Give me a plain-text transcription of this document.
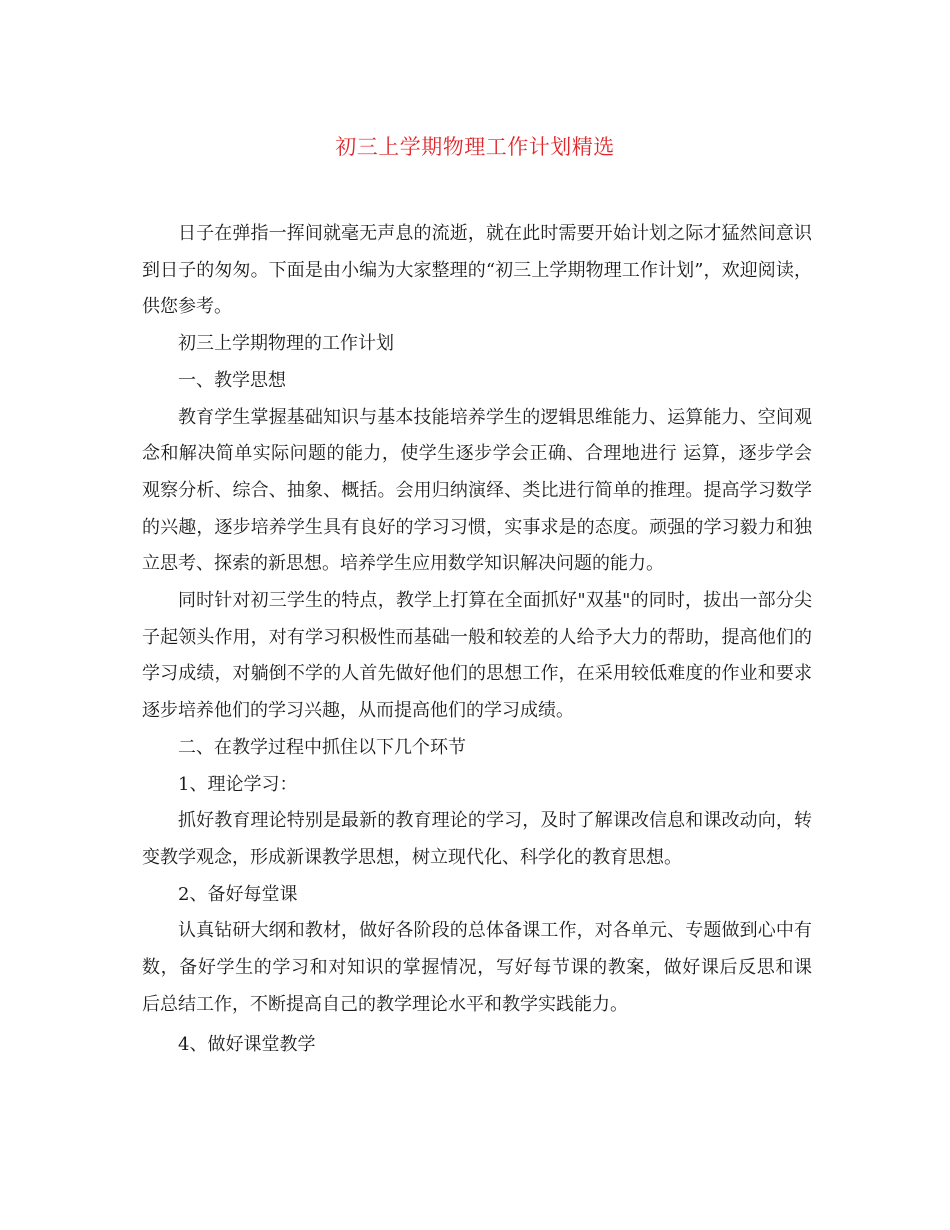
初三上学期物理工作计划精选

日子在弹指一挥间就毫无声息的流逝，就在此时需要开始计划之际才猛然间意识到日子的匆匆。下面是由小编为大家整理的“初三上学期物理工作计划”，欢迎阅读，供您参考。

初三上学期物理的工作计划

一、教学思想

教育学生掌握基础知识与基本技能培养学生的逻辑思维能力、运算能力、空间观念和解决简单实际问题的能力，使学生逐步学会正确、合理地进行 运算，逐步学会观察分析、综合、抽象、概括。会用归纳演绎、类比进行简单的推理。提高学习数学的兴趣，逐步培养学生具有良好的学习习惯，实事求是的态度。顽强的学习毅力和独立思考、探索的新思想。培养学生应用数学知识解决问题的能力。

同时针对初三学生的特点，教学上打算在全面抓好"双基"的同时，拔出一部分尖子起领头作用，对有学习积极性而基础一般和较差的人给予大力的帮助，提高他们的学习成绩，对躺倒不学的人首先做好他们的思想工作，在采用较低难度的作业和要求逐步培养他们的学习兴趣，从而提高他们的学习成绩。

二、在教学过程中抓住以下几个环节

1、理论学习：

抓好教育理论特别是最新的教育理论的学习，及时了解课改信息和课改动向，转变教学观念，形成新课教学思想，树立现代化、科学化的教育思想。

2、备好每堂课

认真钻研大纲和教材，做好各阶段的总体备课工作，对各单元、专题做到心中有数，备好学生的学习和对知识的掌握情况，写好每节课的教案，做好课后反思和课 后总结工作，不断提高自己的教学理论水平和教学实践能力。

4、做好课堂教学
